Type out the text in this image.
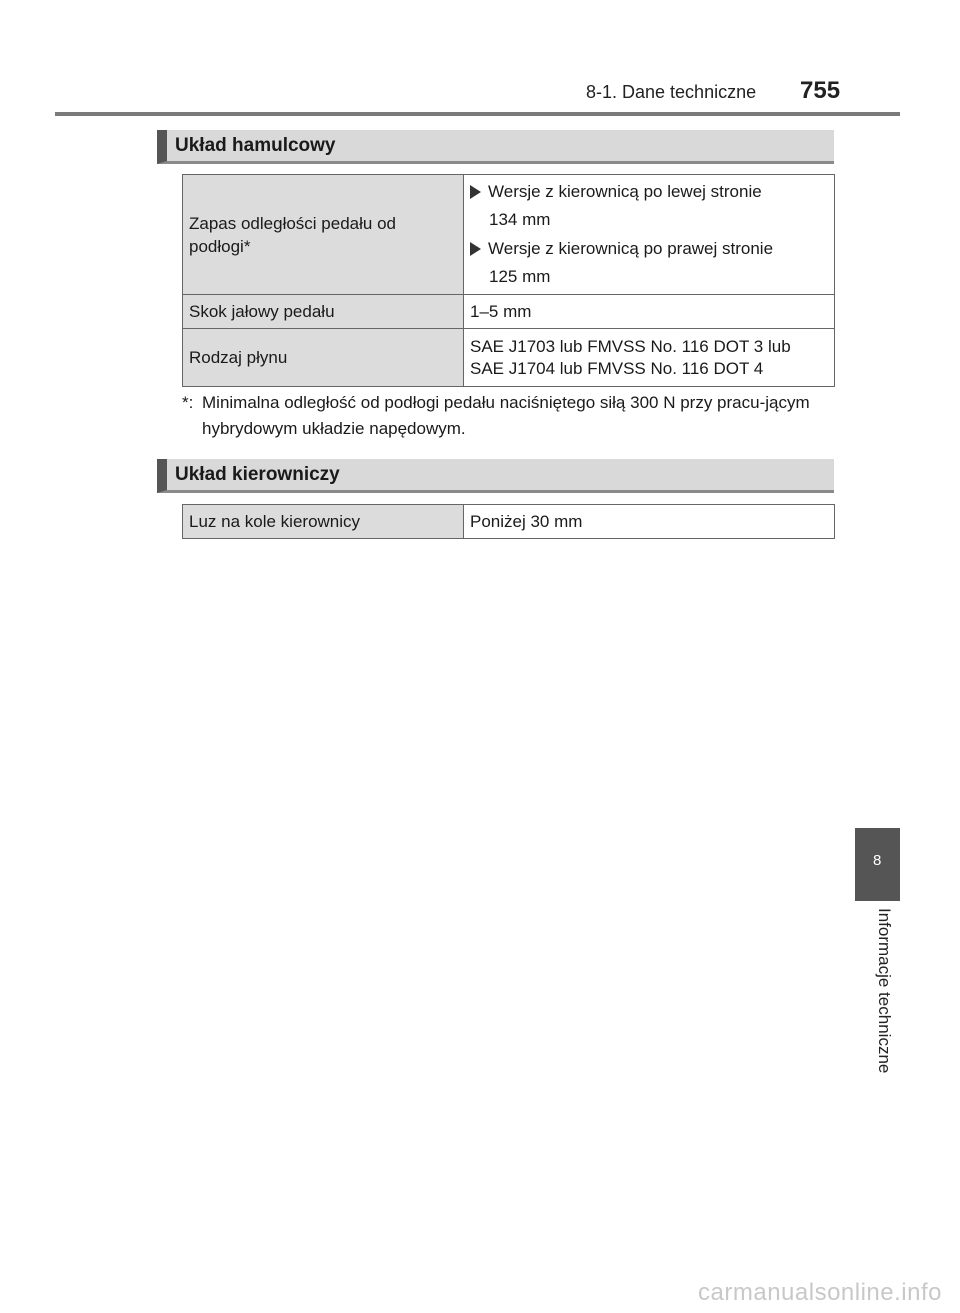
8-1. Dane techniczne 755
Układ hamulcowy
Zapas odległości pedału od podłogi*	Wersje z kierownicą po lewej stronie
134 mm
Wersje z kierownicą po prawej stronie
125 mm

Skok jałowy pedału	1–5 mm
Rodzaj płynu	SAE J1703 lub FMVSS No. 116 DOT 3 lub
SAE J1704 lub FMVSS No. 116 DOT 4
*: Minimalna odległość od podłogi pedału naciśniętego siłą 300 N przy pracu-jącym hybrydowym układzie napędowym.
Układ kierowniczy
Luz na kole kierownicy	Poniżej 30 mm
8
Informacje techniczne
carmanualsonline.info
